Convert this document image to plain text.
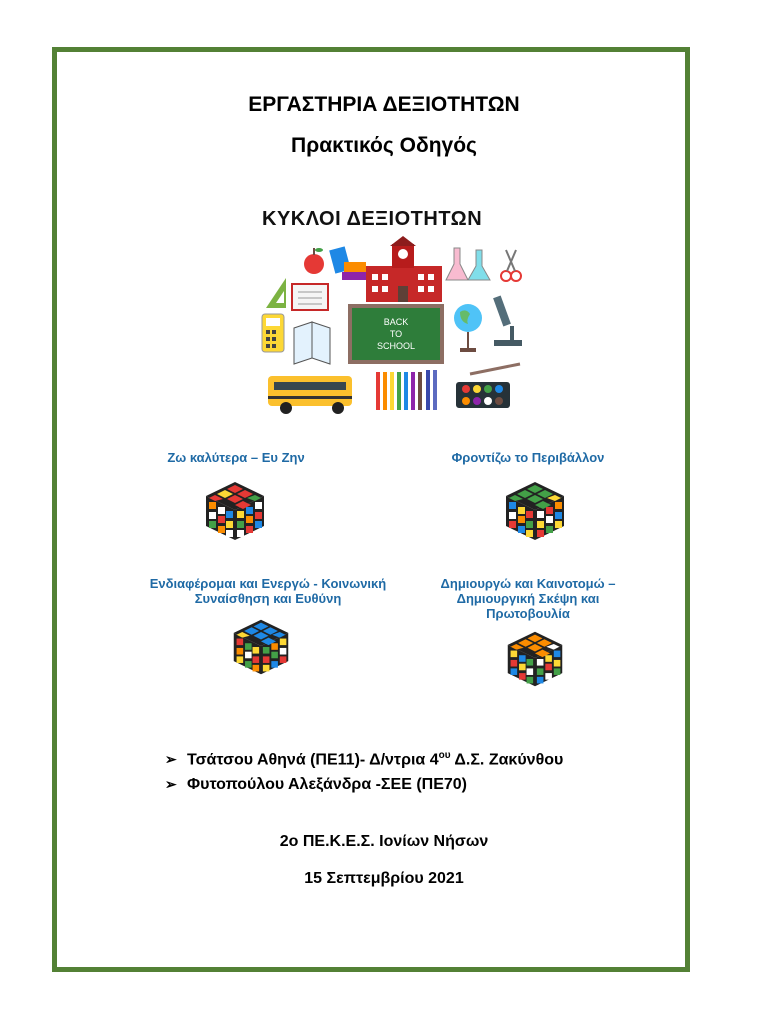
ΕΡΓΑΣΤΗΡΙΑ ΔΕΞΙΟΤΗΤΩΝ
Πρακτικός Οδηγός
ΚΥΚΛΟΙ ΔΕΞΙΟΤΗΤΩΝ
BACK
TO
SCHOOL
Ζω καλύτερα – Ευ Ζην	Φροντίζω το Περιβάλλον
Ενδιαφέρομαι και Ενεργώ - Κοινωνική Συναίσθηση και Ευθύνη
Δημιουργώ και Καινοτομώ – Δημιουργική Σκέψη και Πρωτοβουλία
➢ Τσάτσου Αθηνά (ΠΕ11)- Δ/ντρια $4^{o\upsilon}$ Δ.Σ. Ζακύνθου
➢ Φυτοπούλου Αλεξάνδρα -ΣΕΕ (ΠΕ70)
2ο ΠΕ.Κ.Ε.Σ. Ιονίων Νήσων
15 Σεπτεμβρίου 2021
